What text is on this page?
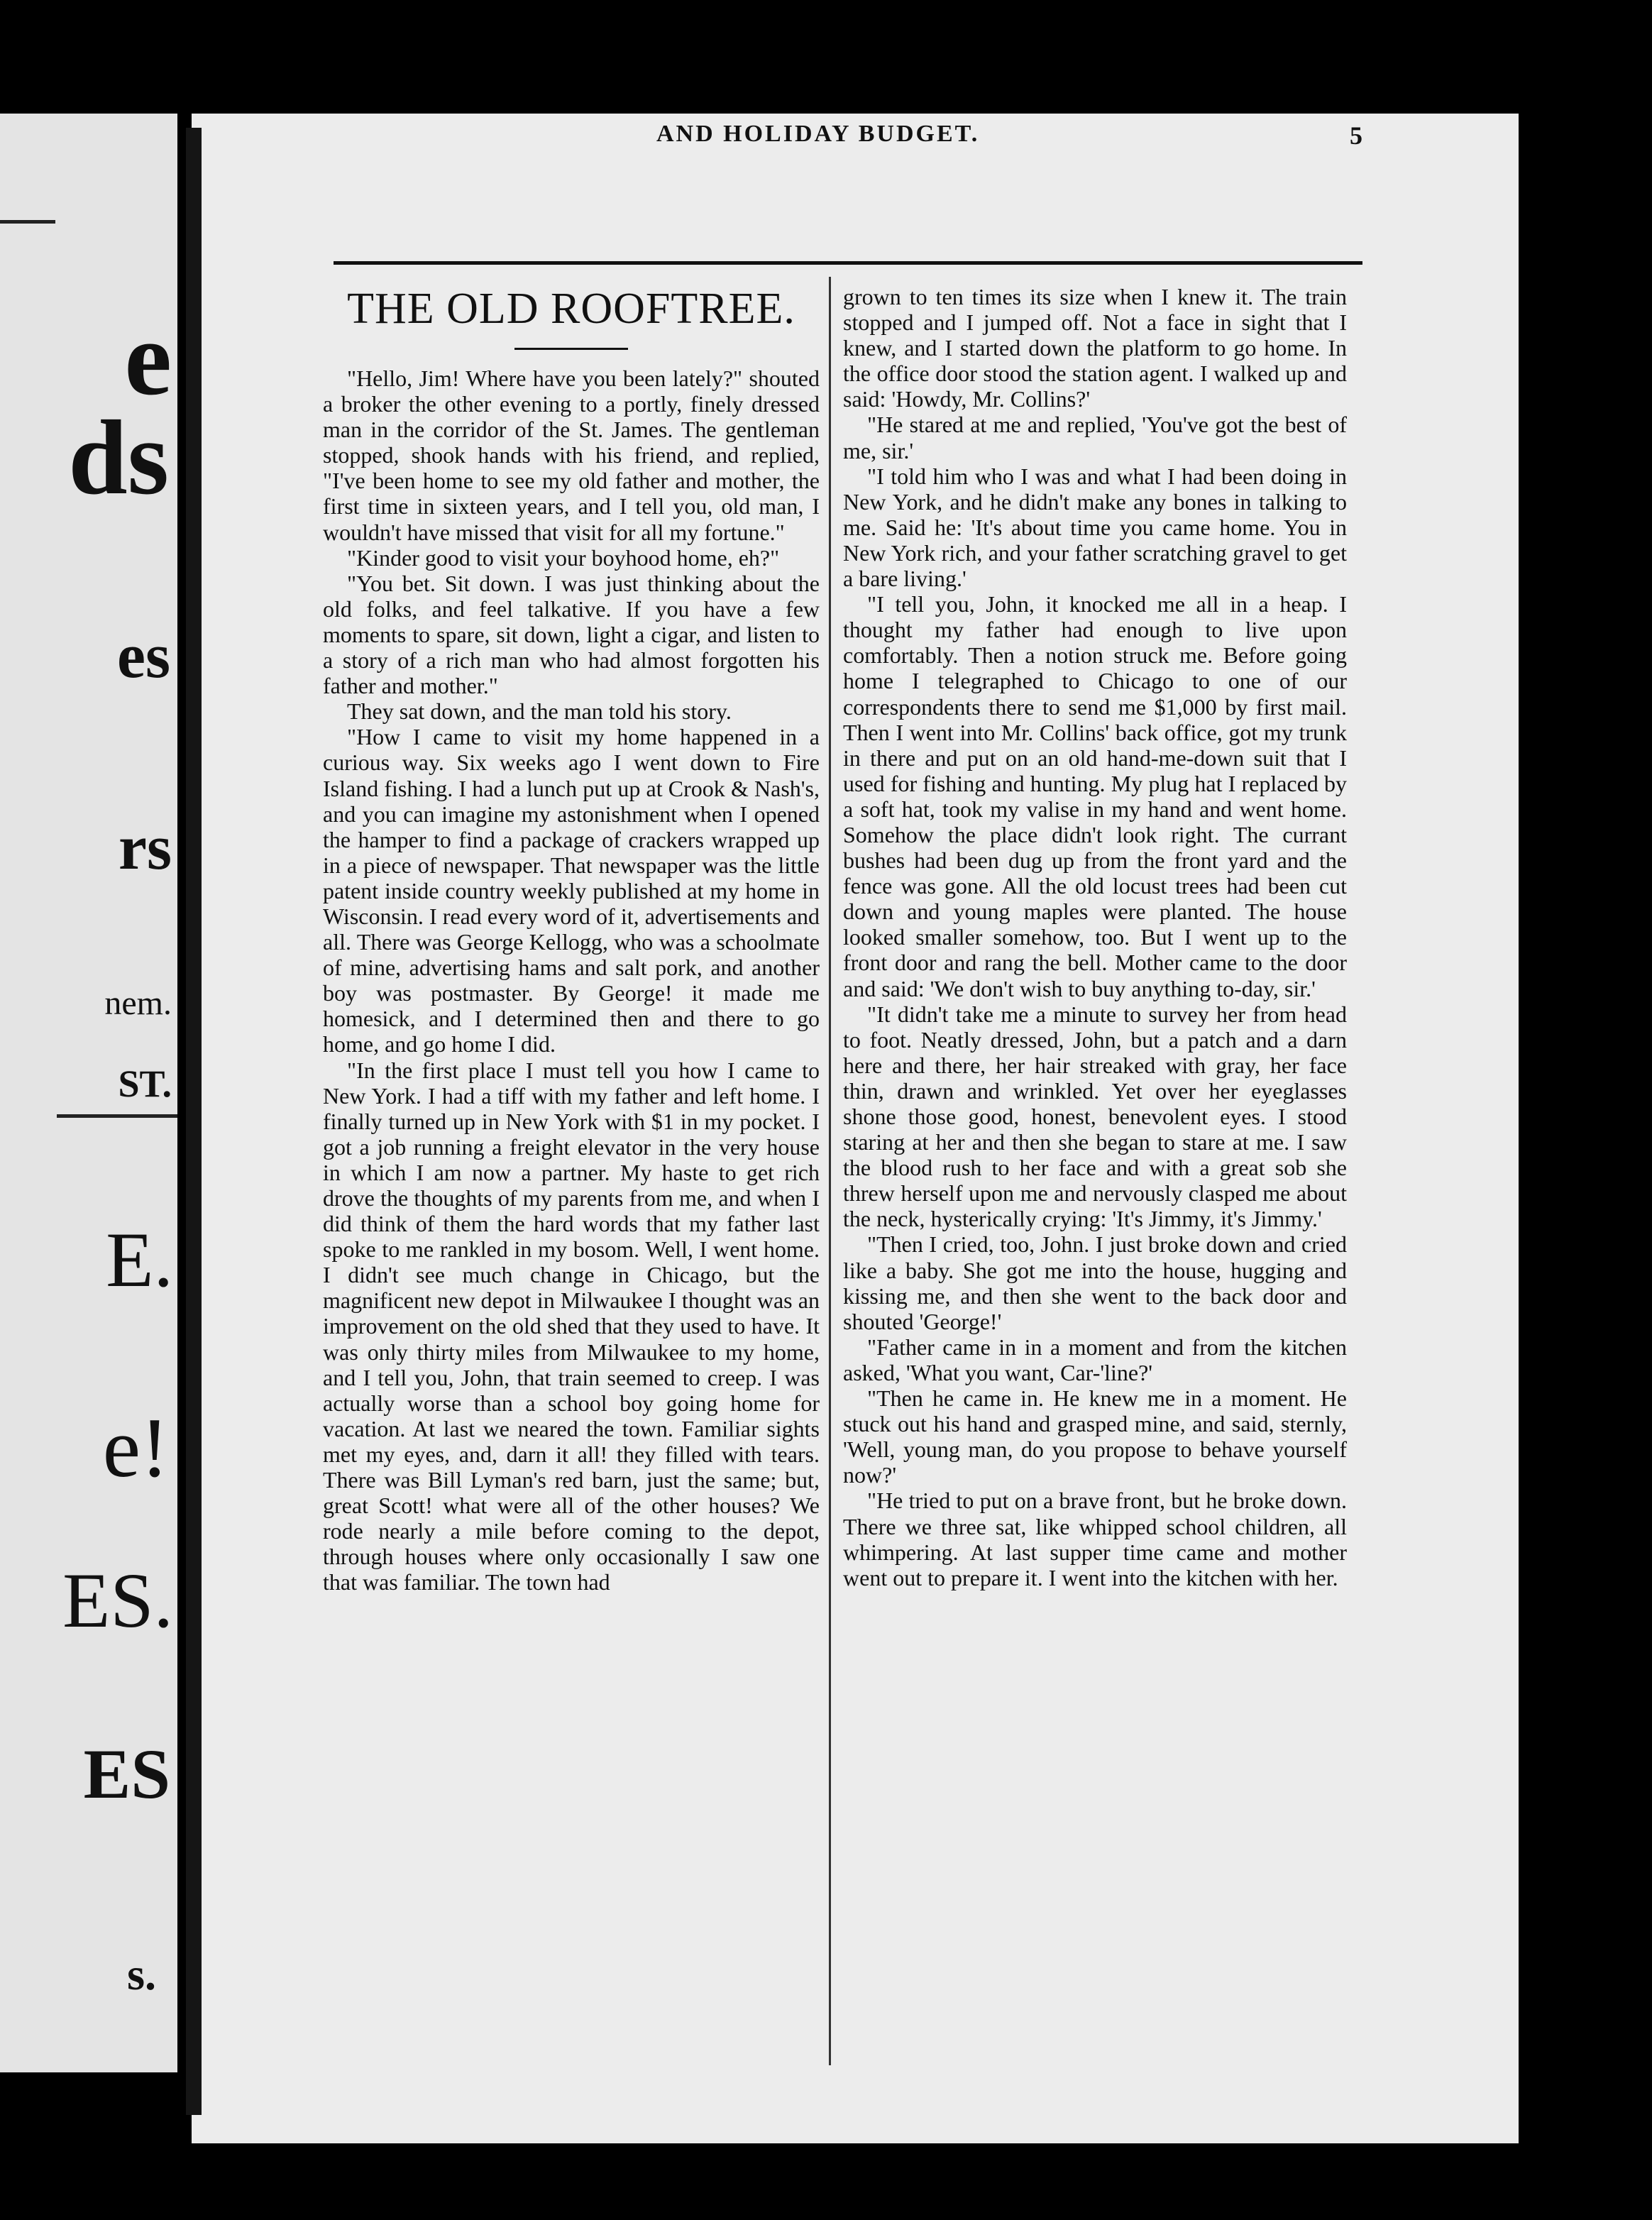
e
ds
es
rs
nem.
ST.
E.
e!
ES.
ES
s.
AND HOLIDAY BUDGET.	5
THE OLD ROOFTREE.

"Hello, Jim! Where have you been lately?" shouted a broker the other evening to a portly, finely dressed man in the corridor of the St. James. The gentleman stopped, shook hands with his friend, and replied, "I've been home to see my old father and mother, the first time in sixteen years, and I tell you, old man, I wouldn't have missed that visit for all my fortune."

"Kinder good to visit your boyhood home, eh?"

"You bet. Sit down. I was just thinking about the old folks, and feel talkative. If you have a few moments to spare, sit down, light a cigar, and listen to a story of a rich man who had almost forgotten his father and mother."

They sat down, and the man told his story.

"How I came to visit my home happened in a curious way. Six weeks ago I went down to Fire Island fishing. I had a lunch put up at Crook & Nash's, and you can imagine my astonishment when I opened the hamper to find a package of crackers wrapped up in a piece of newspaper. That newspaper was the little patent inside country weekly published at my home in Wisconsin. I read every word of it, advertisements and all. There was George Kellogg, who was a schoolmate of mine, advertising hams and salt pork, and another boy was postmaster. By George! it made me homesick, and I determined then and there to go home, and go home I did.

"In the first place I must tell you how I came to New York. I had a tiff with my father and left home. I finally turned up in New York with $1 in my pocket. I got a job running a freight elevator in the very house in which I am now a partner. My haste to get rich drove the thoughts of my parents from me, and when I did think of them the hard words that my father last spoke to me rankled in my bosom. Well, I went home. I didn't see much change in Chicago, but the magnificent new depot in Milwaukee I thought was an improvement on the old shed that they used to have. It was only thirty miles from Milwaukee to my home, and I tell you, John, that train seemed to creep. I was actually worse than a school boy going home for vacation. At last we neared the town. Familiar sights met my eyes, and, darn it all! they filled with tears. There was Bill Lyman's red barn, just the same; but, great Scott! what were all of the other houses? We rode nearly a mile before coming to the depot, through houses where only occasionally I saw one that was familiar. The town had

grown to ten times its size when I knew it. The train stopped and I jumped off. Not a face in sight that I knew, and I started down the platform to go home. In the office door stood the station agent. I walked up and said: 'Howdy, Mr. Collins?'

"He stared at me and replied, 'You've got the best of me, sir.'

"I told him who I was and what I had been doing in New York, and he didn't make any bones in talking to me. Said he: 'It's about time you came home. You in New York rich, and your father scratching gravel to get a bare living.'

"I tell you, John, it knocked me all in a heap. I thought my father had enough to live upon comfortably. Then a notion struck me. Before going home I telegraphed to Chicago to one of our correspondents there to send me $1,000 by first mail. Then I went into Mr. Collins' back office, got my trunk in there and put on an old hand-me-down suit that I used for fishing and hunting. My plug hat I replaced by a soft hat, took my valise in my hand and went home. Somehow the place didn't look right. The currant bushes had been dug up from the front yard and the fence was gone. All the old locust trees had been cut down and young maples were planted. The house looked smaller somehow, too. But I went up to the front door and rang the bell. Mother came to the door and said: 'We don't wish to buy anything to-day, sir.'

"It didn't take me a minute to survey her from head to foot. Neatly dressed, John, but a patch and a darn here and there, her hair streaked with gray, her face thin, drawn and wrinkled. Yet over her eyeglasses shone those good, honest, benevolent eyes. I stood staring at her and then she began to stare at me. I saw the blood rush to her face and with a great sob she threw herself upon me and nervously clasped me about the neck, hysterically crying: 'It's Jimmy, it's Jimmy.'

"Then I cried, too, John. I just broke down and cried like a baby. She got me into the house, hugging and kissing me, and then she went to the back door and shouted 'George!'

"Father came in in a moment and from the kitchen asked, 'What you want, Car-'line?'

"Then he came in. He knew me in a moment. He stuck out his hand and grasped mine, and said, sternly, 'Well, young man, do you propose to behave yourself now?'

"He tried to put on a brave front, but he broke down. There we three sat, like whipped school children, all whimpering. At last supper time came and mother went out to prepare it. I went into the kitchen with her.
